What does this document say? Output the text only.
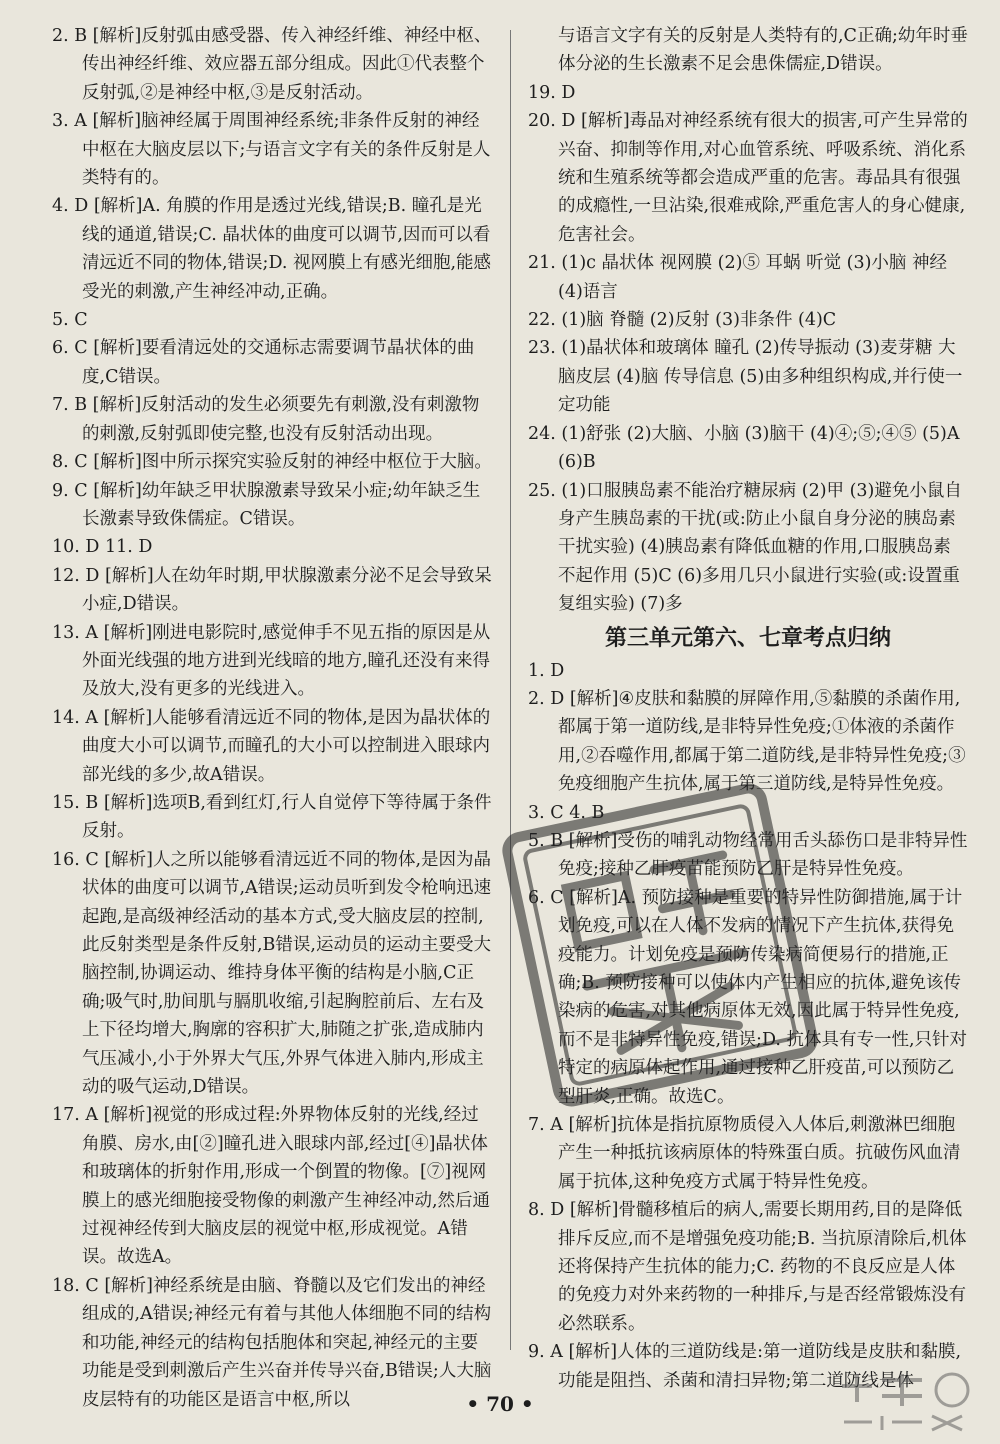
2. B [解析]反射弧由感受器、传入神经纤维、神经中枢、传出神经纤维、效应器五部分组成。因此①代表整个反射弧,②是神经中枢,③是反射活动。

3. A [解析]脑神经属于周围神经系统;非条件反射的神经中枢在大脑皮层以下;与语言文字有关的条件反射是人类特有的。

4. D [解析]A. 角膜的作用是透过光线,错误;B. 瞳孔是光线的通道,错误;C. 晶状体的曲度可以调节,因而可以看清远近不同的物体,错误;D. 视网膜上有感光细胞,能感受光的刺激,产生神经冲动,正确。

5. C

6. C [解析]要看清远处的交通标志需要调节晶状体的曲度,C错误。

7. B [解析]反射活动的发生必须要先有刺激,没有刺激物的刺激,反射弧即使完整,也没有反射活动出现。

8. C [解析]图中所示探究实验反射的神经中枢位于大脑。

9. C [解析]幼年缺乏甲状腺激素导致呆小症;幼年缺乏生长激素导致侏儒症。C错误。

10. D 11. D

12. D [解析]人在幼年时期,甲状腺激素分泌不足会导致呆小症,D错误。

13. A [解析]刚进电影院时,感觉伸手不见五指的原因是从外面光线强的地方进到光线暗的地方,瞳孔还没有来得及放大,没有更多的光线进入。

14. A [解析]人能够看清远近不同的物体,是因为晶状体的曲度大小可以调节,而瞳孔的大小可以控制进入眼球内部光线的多少,故A错误。

15. B [解析]选项B,看到红灯,行人自觉停下等待属于条件反射。

16. C [解析]人之所以能够看清远近不同的物体,是因为晶状体的曲度可以调节,A错误;运动员听到发令枪响迅速起跑,是高级神经活动的基本方式,受大脑皮层的控制,此反射类型是条件反射,B错误,运动员的运动主要受大脑控制,协调运动、维持身体平衡的结构是小脑,C正确;吸气时,肋间肌与膈肌收缩,引起胸腔前后、左右及上下径均增大,胸廓的容积扩大,肺随之扩张,造成肺内气压减小,小于外界大气压,外界气体进入肺内,形成主动的吸气运动,D错误。

17. A [解析]视觉的形成过程:外界物体反射的光线,经过角膜、房水,由[②]瞳孔进入眼球内部,经过[④]晶状体和玻璃体的折射作用,形成一个倒置的物像。[⑦]视网膜上的感光细胞接受物像的刺激产生神经冲动,然后通过视神经传到大脑皮层的视觉中枢,形成视觉。A错误。故选A。

18. C [解析]神经系统是由脑、脊髓以及它们发出的神经组成的,A错误;神经元有着与其他人体细胞不同的结构和功能,神经元的结构包括胞体和突起,神经元的主要功能是受到刺激后产生兴奋并传导兴奋,B错误;人大脑皮层特有的功能区是语言中枢,所以

与语言文字有关的反射是人类特有的,C正确;幼年时垂体分泌的生长激素不足会患侏儒症,D错误。

19. D

20. D [解析]毒品对神经系统有很大的损害,可产生异常的兴奋、抑制等作用,对心血管系统、呼吸系统、消化系统和生殖系统等都会造成严重的危害。毒品具有很强的成瘾性,一旦沾染,很难戒除,严重危害人的身心健康,危害社会。

21. (1)c 晶状体 视网膜 (2)⑤ 耳蜗 听觉 (3)小脑 神经 (4)语言

22. (1)脑 脊髓 (2)反射 (3)非条件 (4)C

23. (1)晶状体和玻璃体 瞳孔 (2)传导振动 (3)麦芽糖 大脑皮层 (4)脑 传导信息 (5)由多种组织构成,并行使一定功能

24. (1)舒张 (2)大脑、小脑 (3)脑干 (4)④;⑤;④⑤ (5)A (6)B

25. (1)口服胰岛素不能治疗糖尿病 (2)甲 (3)避免小鼠自身产生胰岛素的干扰(或:防止小鼠自身分泌的胰岛素干扰实验) (4)胰岛素有降低血糖的作用,口服胰岛素不起作用 (5)C (6)多用几只小鼠进行实验(或:设置重复组实验) (7)多

第三单元第六、七章考点归纳

1. D

2. D [解析]④皮肤和黏膜的屏障作用,⑤黏膜的杀菌作用,都属于第一道防线,是非特异性免疫;①体液的杀菌作用,②吞噬作用,都属于第二道防线,是非特异性免疫;③免疫细胞产生抗体,属于第三道防线,是特异性免疫。

3. C 4. B

5. B [解析]受伤的哺乳动物经常用舌头舔伤口是非特异性免疫;接种乙肝疫苗能预防乙肝是特异性免疫。

6. C [解析]A. 预防接种是重要的特异性防御措施,属于计划免疫,可以在人体不发病的情况下产生抗体,获得免疫能力。计划免疫是预防传染病简便易行的措施,正确;B. 预防接种可以使体内产生相应的抗体,避免该传染病的危害,对其他病原体无效,因此属于特异性免疫,而不是非特异性免疫,错误;D. 抗体具有专一性,只针对特定的病原体起作用,通过接种乙肝疫苗,可以预防乙型肝炎,正确。故选C。

7. A [解析]抗体是指抗原物质侵入人体后,刺激淋巴细胞产生一种抵抗该病原体的特殊蛋白质。抗破伤风血清属于抗体,这种免疫方式属于特异性免疫。

8. D [解析]骨髓移植后的病人,需要长期用药,目的是降低排斥反应,而不是增强免疫功能;B. 当抗原清除后,机体还将保持产生抗体的能力;C. 药物的不良反应是人体的免疫力对外来药物的一种排斥,与是否经常锻炼没有必然联系。

9. A [解析]人体的三道防线是:第一道防线是皮肤和黏膜,功能是阻挡、杀菌和清扫异物;第二道防线是体

• 70 •
